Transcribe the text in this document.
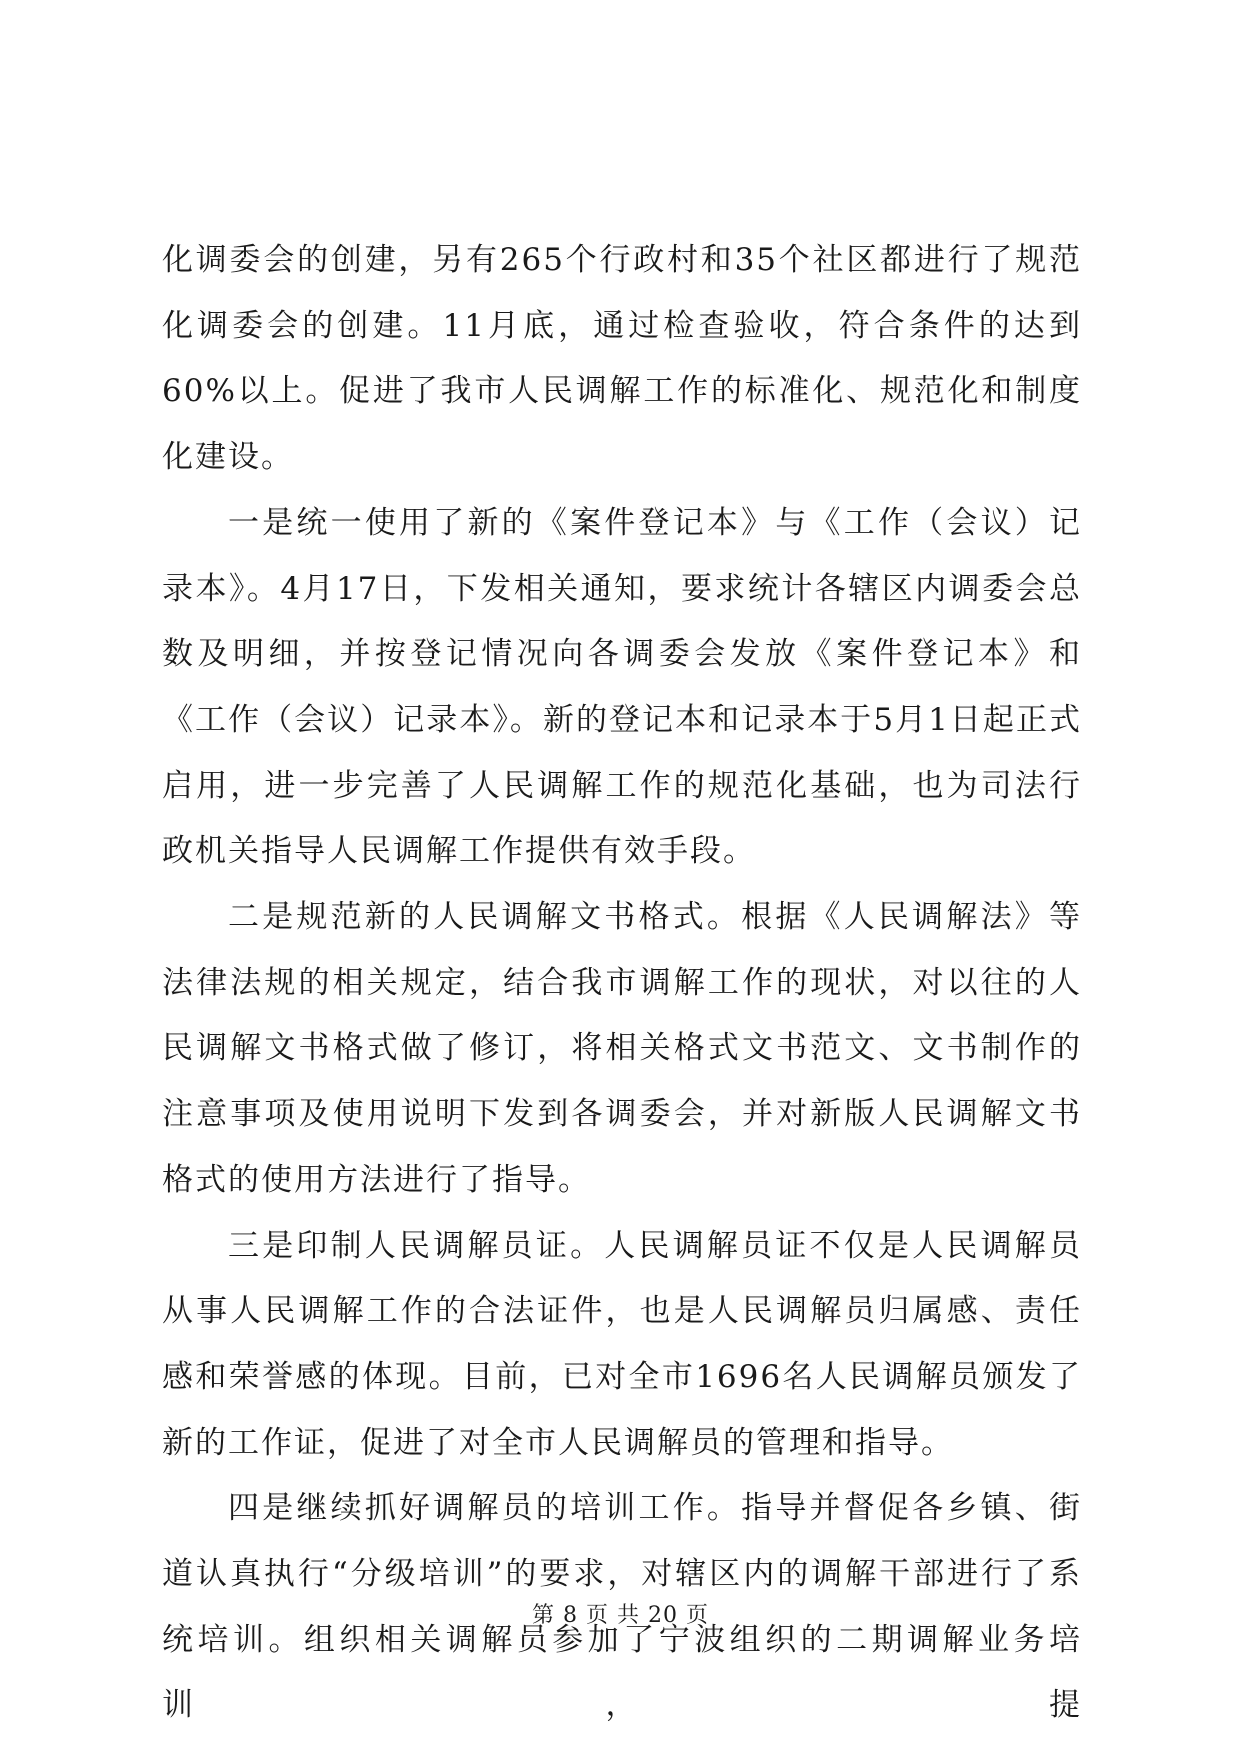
化调委会的创建，另有265个行政村和35个社区都进行了规范化调委会的创建。11月底，通过检查验收，符合条件的达到60%以上。促进了我市人民调解工作的标准化、规范化和制度化建设。

一是统一使用了新的《案件登记本》与《工作（会议）记录本》。4月17日，下发相关通知，要求统计各辖区内调委会总数及明细，并按登记情况向各调委会发放《案件登记本》和《工作（会议）记录本》。新的登记本和记录本于5月1日起正式启用，进一步完善了人民调解工作的规范化基础，也为司法行政机关指导人民调解工作提供有效手段。

二是规范新的人民调解文书格式。根据《人民调解法》等法律法规的相关规定，结合我市调解工作的现状，对以往的人民调解文书格式做了修订，将相关格式文书范文、文书制作的注意事项及使用说明下发到各调委会，并对新版人民调解文书格式的使用方法进行了指导。

三是印制人民调解员证。人民调解员证不仅是人民调解员从事人民调解工作的合法证件，也是人民调解员归属感、责任感和荣誉感的体现。目前，已对全市1696名人民调解员颁发了新的工作证，促进了对全市人民调解员的管理和指导。

四是继续抓好调解员的培训工作。指导并督促各乡镇、街道认真执行“分级培训”的要求，对辖区内的调解干部进行了系统培训。组织相关调解员参加了宁波组织的二期调解业务培训，提

第 8 页 共 20 页
